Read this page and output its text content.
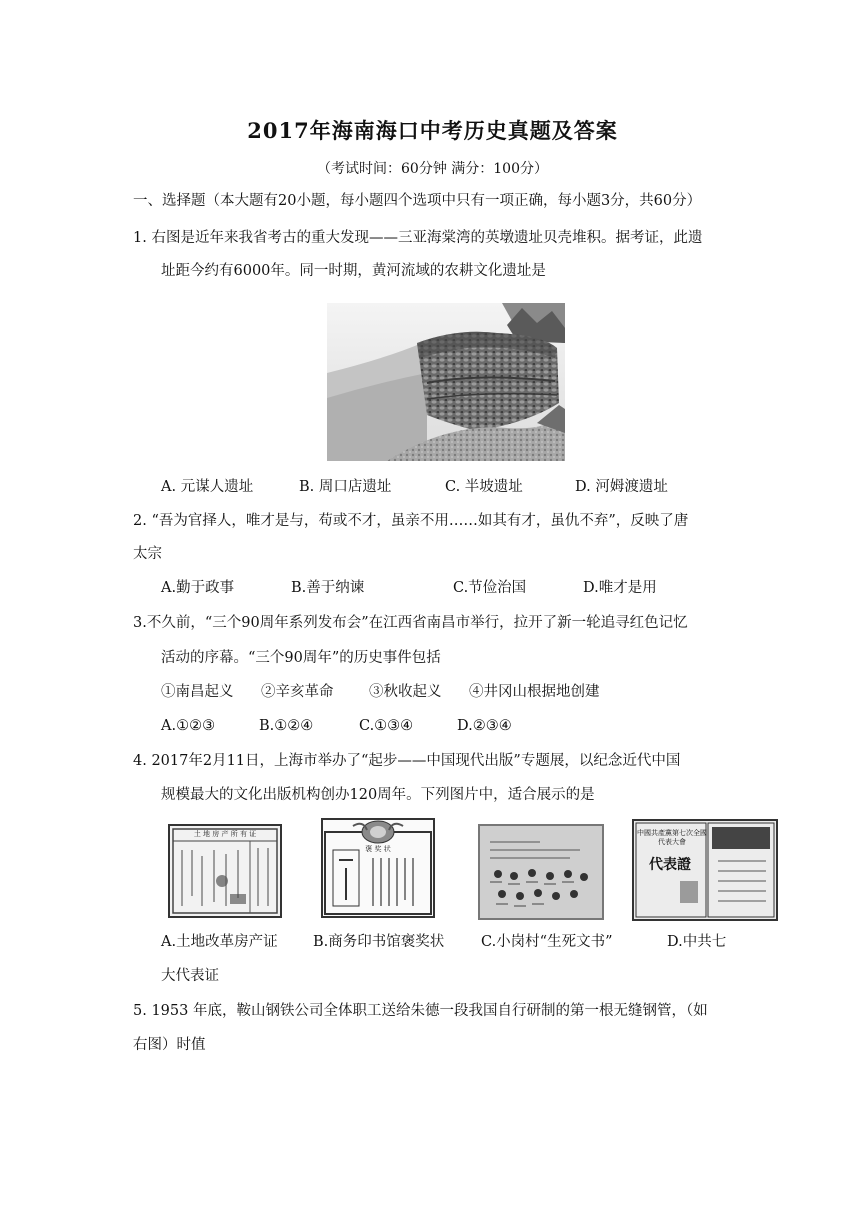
2017年海南海口中考历史真题及答案
（考试时间：60分钟 满分：100分）
一、选择题（本大题有20小题，每小题四个选项中只有一项正确，每小题3分，共60分）
1. 右图是近年来我省考古的重大发现——三亚海棠湾的英墩遗址贝壳堆积。据考证，此遗
址距今约有6000年。同一时期，黄河流域的农耕文化遗址是
A. 元谋人遗址	B. 周口店遗址	C. 半坡遗址	D. 河姆渡遗址
2. “吾为官择人，唯才是与，苟或不才，虽亲不用……如其有才，虽仇不弃”，反映了唐
太宗
A.勤于政事	B.善于纳谏	C.节俭治国	D.唯才是用
3.不久前，“三个90周年系列发布会”在江西省南昌市举行，拉开了新一轮追寻红色记忆
活动的序幕。“三个90周年”的历史事件包括
①南昌起义 ②辛亥革命 ③秋收起义 ④井冈山根据地创建
A.①②③	B.①②④	C.①③④	D.②③④
4. 2017年2月11日，上海市举办了“起步——中国现代出版”专题展，以纪念近代中国
规模最大的文化出版机构创办120周年。下列图片中，适合展示的是
土 地 房 产 所 有 证
褒 奖 状
中國共產黨第七次全國代表大會
代表證
A.土地改革房产证 B.商务印书馆褒奖状	C.小岗村“生死文书”	D.中共七
大代表证
5. 1953 年底，鞍山钢铁公司全体职工送给朱德一段我国自行研制的第一根无缝钢管，（如
右图）时值
